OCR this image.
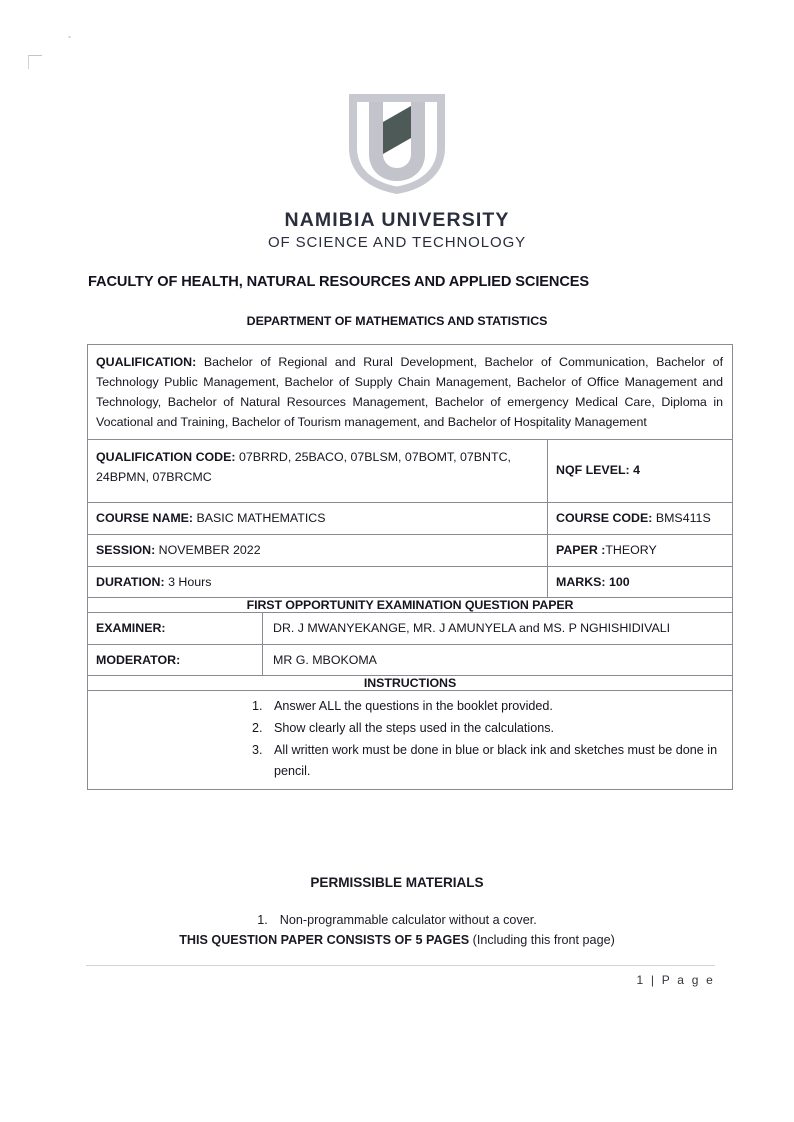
NAMIBIA UNIVERSITY
OF SCIENCE AND TECHNOLOGY
FACULTY OF HEALTH, NATURAL RESOURCES AND APPLIED SCIENCES
DEPARTMENT OF MATHEMATICS AND STATISTICS
QUALIFICATION: Bachelor of Regional and Rural Development, Bachelor of Communication, Bachelor of Technology Public Management, Bachelor of Supply Chain Management, Bachelor of Office Management and Technology, Bachelor of Natural Resources Management, Bachelor of emergency Medical Care, Diploma in Vocational and Training, Bachelor of Tourism management, and Bachelor of Hospitality Management		

QUALIFICATION CODE: 07BRRD, 25BACO, 07BLSM, 07BOMT, 07BNTC, 24BPMN, 07BRCMC		NQF LEVEL: 4

COURSE NAME: BASIC MATHEMATICS		COURSE CODE: BMS411S

SESSION: NOVEMBER 2022		PAPER :THEORY

DURATION: 3 Hours		MARKS: 100

FIRST OPPORTUNITY EXAMINATION QUESTION PAPER		

EXAMINER:	DR. J MWANYEKANGE, MR. J AMUNYELA and MS. P NGHISHIDIVALI	

MODERATOR:	MR G. MBOKOMA	

INSTRUCTIONS		

1. Answer ALL the questions in the booklet provided.
2. Show clearly all the steps used in the calculations.
3. All written work must be done in blue or black ink and sketches must be done in pencil.
PERMISSIBLE MATERIALS
1. Non-programmable calculator without a cover.
THIS QUESTION PAPER CONSISTS OF 5 PAGES (Including this front page)
1 | P a g e
